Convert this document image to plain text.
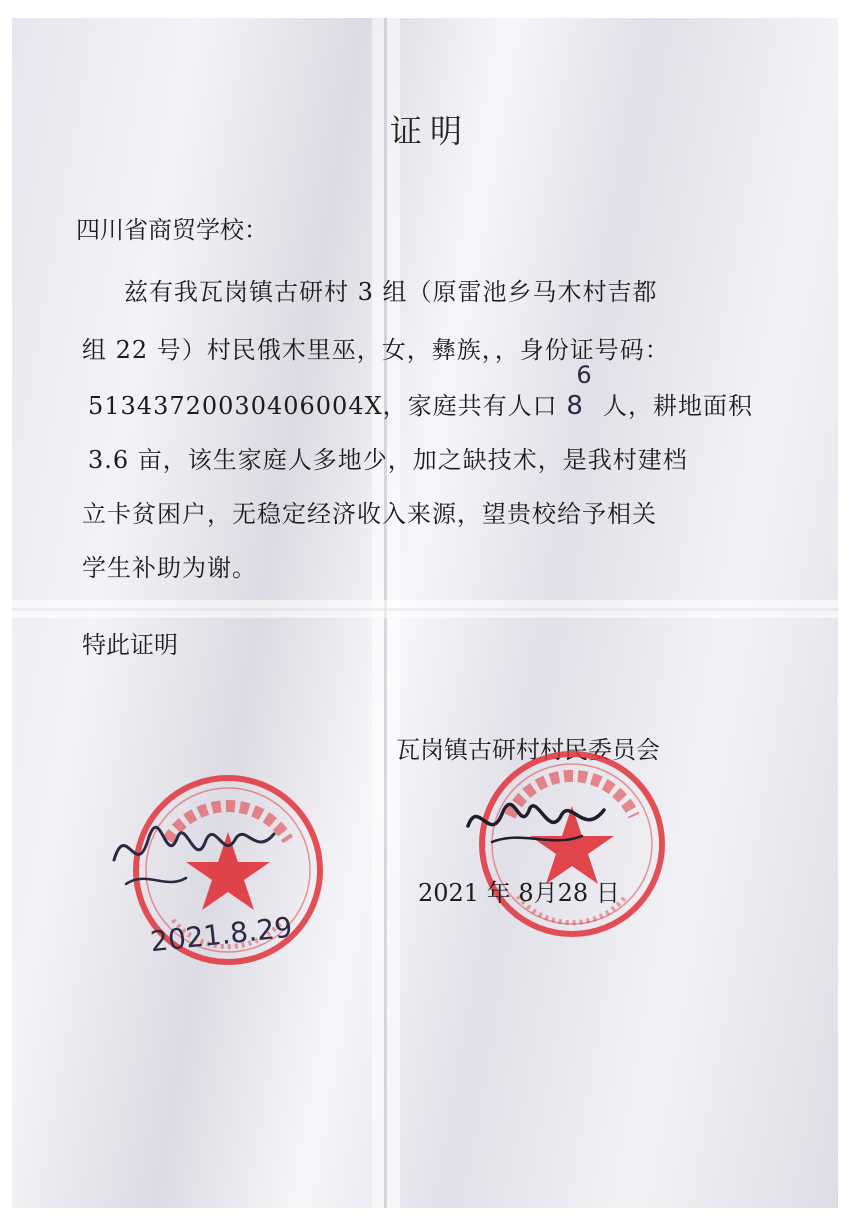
证明
四川省商贸学校：
兹有我瓦岗镇古研村 3 组（原雷池乡马木村吉都
组 22 号）村民俄木里巫，女，彝族，，身份证号码：
51343720030406004X，家庭共有人口 8
6
人，耕地面积
3.6 亩，该生家庭人多地少，加之缺技术，是我村建档
立卡贫困户，无稳定经济收入来源，望贵校给予相关
学生补助为谢。
特此证明
瓦岗镇古研村村民委员会
2021.8.29
2021 年 8月28 日
